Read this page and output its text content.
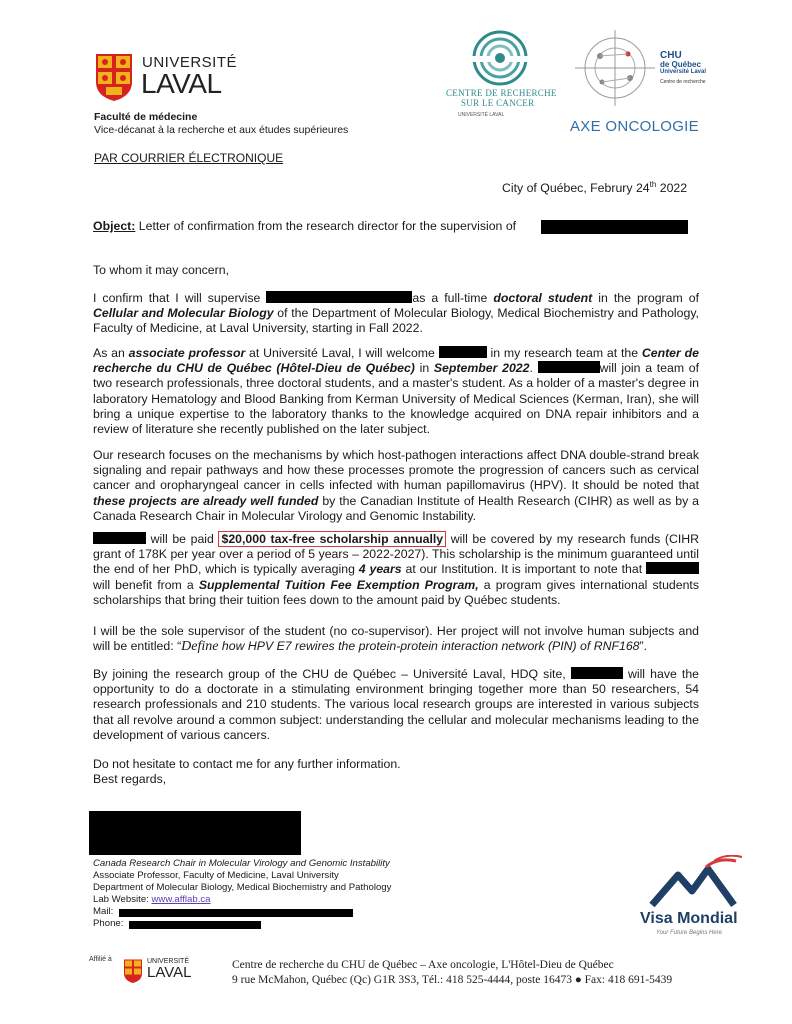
UNIVERSITÉ
LAVAL
Faculté de médecine
Vice-décanat à la recherche et aux études supérieures
CENTRE DE RECHERCHE
SUR LE CANCER
UNIVERSITÉ LAVAL
CHU
de Québec
Université Laval
Centre de recherche
AXE ONCOLOGIE
PAR COURRIER ÉLECTRONIQUE
City of Québec, Februry 24th 2022
Object: Letter of confirmation from the research director for the supervision of
To whom it may concern,
I confirm that I will supervise	as a full-time doctoral student in the program of Cellular and Molecular Biology of the Department of Molecular Biology, Medical Biochemistry and Pathology, Faculty of Medicine, at Laval University, starting in Fall 2022.
As an associate professor at Université Laval, I will welcome	in my research team at the Center de recherche du CHU de Québec (Hôtel-Dieu de Québec) in September 2022.	will join a team of two research professionals, three doctoral students, and a master's student. As a holder of a master's degree in laboratory Hematology and Blood Banking from Kerman University of Medical Sciences (Kerman, Iran), she will bring a unique expertise to the laboratory thanks to the knowledge acquired on DNA repair inhibitors and a review of literature she recently published on the later subject.
Our research focuses on the mechanisms by which host-pathogen interactions affect DNA double-strand break signaling and repair pathways and how these processes promote the progression of cancers such as cervical cancer and oropharyngeal cancer in cells infected with human papillomavirus (HPV). It should be noted that these projects are already well funded by the Canadian Institute of Health Research (CIHR) as well as by a Canada Research Chair in Molecular Virology and Genomic Instability.
will be paid $20,000 tax-free scholarship annually will be covered by my research funds (CIHR grant of 178K per year over a period of 5 years – 2022-2027). This scholarship is the minimum guaranteed until the end of her PhD, which is typically averaging 4 years at our Institution. It is important to note that will benefit from a Supplemental Tuition Fee Exemption Program, a program gives international students scholarships that bring their tuition fees down to the amount paid by Québec students.
I will be the sole supervisor of the student (no co-supervisor). Her project will not involve human subjects and will be entitled: “Define how HPV E7 rewires the protein-protein interaction network (PIN) of RNF168”.
By joining the research group of the CHU de Québec – Université Laval, HDQ site,	will have the opportunity to do a doctorate in a stimulating environment bringing together more than 50 researchers, 54 research professionals and 210 students. The various local research groups are interested in various subjects that all revolve around a common subject: understanding the cellular and molecular mechanisms leading to the development of various cancers.
Do not hesitate to contact me for any further information.
Best regards,
Canada Research Chair in Molecular Virology and Genomic Instability
Associate Professor, Faculty of Medicine, Laval University
Department of Molecular Biology, Medical Biochemistry and Pathology
Lab Website: www.afflab.ca
Mail:
Phone:	Visa Mondial
Your Future Begins Here
Affilié à	UNIVERSITÉ
LAVAL	Centre de recherche du CHU de Québec – Axe oncologie, L'Hôtel-Dieu de Québec
9 rue McMahon, Québec (Qc) G1R 3S3, Tél.: 418 525-4444, poste 16473 ● Fax: 418 691-5439
